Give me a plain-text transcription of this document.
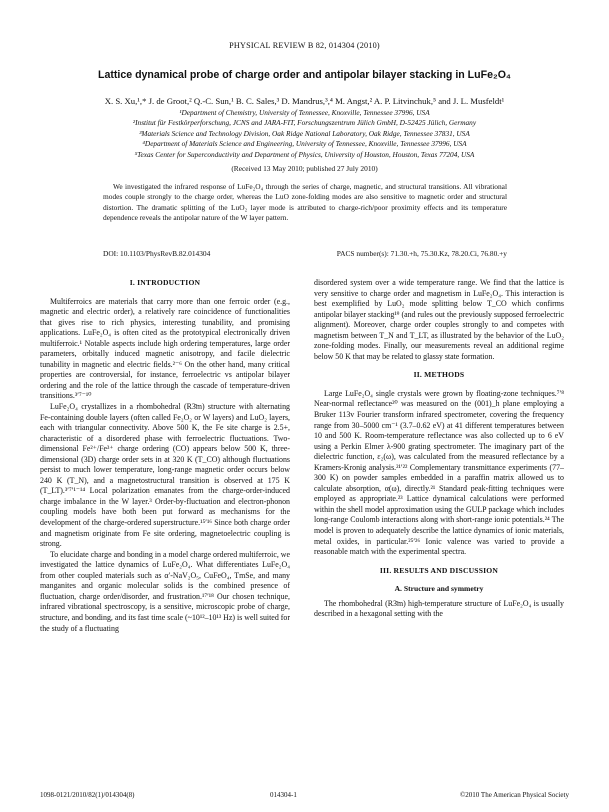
PHYSICAL REVIEW B 82, 014304 (2010)
Lattice dynamical probe of charge order and antipolar bilayer stacking in LuFe₂O₄
X. S. Xu,¹,* J. de Groot,² Q.-C. Sun,¹ B. C. Sales,³ D. Mandrus,³,⁴ M. Angst,² A. P. Litvinchuk,⁵ and J. L. Musfeldt¹
¹Department of Chemistry, University of Tennessee, Knoxville, Tennessee 37996, USA
²Institut für Festkörperforschung, JCNS and JARA-FIT, Forschungszentrum Jülich GmbH, D-52425 Jülich, Germany
³Materials Science and Technology Division, Oak Ridge National Laboratory, Oak Ridge, Tennessee 37831, USA
⁴Department of Materials Science and Engineering, University of Tennessee, Knoxville, Tennessee 37996, USA
⁵Texas Center for Superconductivity and Department of Physics, University of Houston, Houston, Texas 77204, USA
(Received 13 May 2010; published 27 July 2010)
We investigated the infrared response of LuFe₂O₄ through the series of charge, magnetic, and structural transitions. All vibrational modes couple strongly to the charge order, whereas the LuO zone-folding modes are also sensitive to magnetic order and structural distortion. The dramatic splitting of the LuO₂ layer mode is attributed to charge-rich/poor proximity effects and its temperature dependence reveals the antipolar nature of the W layer pattern.
DOI: 10.1103/PhysRevB.82.014304	PACS number(s): 71.30.+h, 75.30.Kz, 78.20.Ci, 76.80.+y
I. INTRODUCTION

Multiferroics are materials that carry more than one ferroic order (e.g., magnetic and electric order), a relatively rare coincidence of functionalities that gives rise to rich physics, interesting tunability, and promising applications. LuFe₂O₄ is often cited as the prototypical electronically driven multiferroic.¹ Notable aspects include high ordering temperatures, large order parameters, orbitally induced magnetic anisotropy, and facile dielectric tunability in magnetic and electric fields.²⁻⁶ On the other hand, many critical properties are controversial, for instance, ferroelectric vs antipolar bilayer ordering and the role of the lattice through the cascade of temperature-driven transitions.³ʹ⁷⁻¹⁰

LuFe₂O₄ crystallizes in a rhombohedral (R3̄m) structure with alternating Fe-containing double layers (often called Fe₂O₂ or W layers) and LuO₂ layers, each with triangular connectivity. Above 500 K, the Fe site charge is 2.5+, characteristic of a disordered phase with ferroelectric fluctuations. Two-dimensional Fe²⁺/Fe³⁺ charge ordering (CO) appears below 500 K, three-dimensional (3D) charge order sets in at 320 K (T_CO) although fluctuations persist to much lower temperature, long-range magnetic order occurs below 240 K (T_N), and a magnetostructural transition is observed at 175 K (T_LT).³ʹ⁷ʹ¹⁻¹⁴ Local polarization emanates from the charge-order-induced charge imbalance in the W layer.³ Order-by-fluctuation and electron-phonon coupling models have both been put forward as mechanisms for the development of the charge-ordered superstructure.¹⁵ʹ¹⁶ Since both charge order and magnetism originate from Fe site ordering, magnetoelectric coupling is strong.

To elucidate charge and bonding in a model charge ordered multiferroic, we investigated the lattice dynamics of LuFe₂O₄. What differentiates LuFe₂O₄ from other coupled materials such as α′-NaV₂O₅, CuFeO₄, TmSe, and many manganites and organic molecular solids is the combined presence of fluctuation, charge order/disorder, and frustration.¹⁷ʹ¹⁸ Our chosen technique, infrared vibrational spectroscopy, is a sensitive, microscopic probe of charge, structure, and bonding, and its fast time scale (~10¹²–10¹³ Hz) is well suited for the study of a fluctuating

disordered system over a wide temperature range. We find that the lattice is very sensitive to charge order and magnetism in LuFe₂O₄. This interaction is best exemplified by LuO₂ mode splitting below T_CO which confirms antipolar bilayer stacking¹⁹ (and rules out the previously supposed ferroelectric alignment). Moreover, charge order couples strongly to and competes with magnetism between T_N and T_LT, as illustrated by the behavior of the LuO₂ zone-folding modes. Finally, our measurements reveal an additional regime below 50 K that may be related to glassy state formation.

II. METHODS

Large LuFe₂O₄ single crystals were grown by floating-zone techniques.⁷ʹ⁸ Near-normal reflectance²⁰ was measured on the (001)_h plane employing a Bruker 113v Fourier transform infrared spectrometer, covering the frequency range from 30–5000 cm⁻¹ (3.7–0.62 eV) at 41 different temperatures between 10 and 500 K. Room-temperature reflectance was also collected up to 6 eV using a Perkin Elmer λ-900 grating spectrometer. The imaginary part of the dielectric function, ε₂(ω), was calculated from the measured reflectance by a Kramers-Kronig analysis.²¹ʹ²² Complementary transmittance experiments (77–300 K) on powder samples embedded in a paraffin matrix allowed us to calculate absorption, α(ω), directly.²¹ Standard peak-fitting techniques were employed as appropriate.²³ Lattice dynamical calculations were performed within the shell model approximation using the GULP package which includes long-range Coulomb interactions along with short-range ionic potentials.²⁴ The model is proven to adequately describe the lattice dynamics of ionic materials, metal oxides, in particular.²⁵ʹ²⁶ Ionic valence was varied to provide a reasonable match with the experimental spectra.

III. RESULTS AND DISCUSSION
A. Structure and symmetry

The rhombohedral (R3̄m) high-temperature structure of LuFe₂O₄ is usually described in a hexagonal setting with the

1098-0121/2010/82(1)/014304(8)	014304-1	©2010 The American Physical Society
